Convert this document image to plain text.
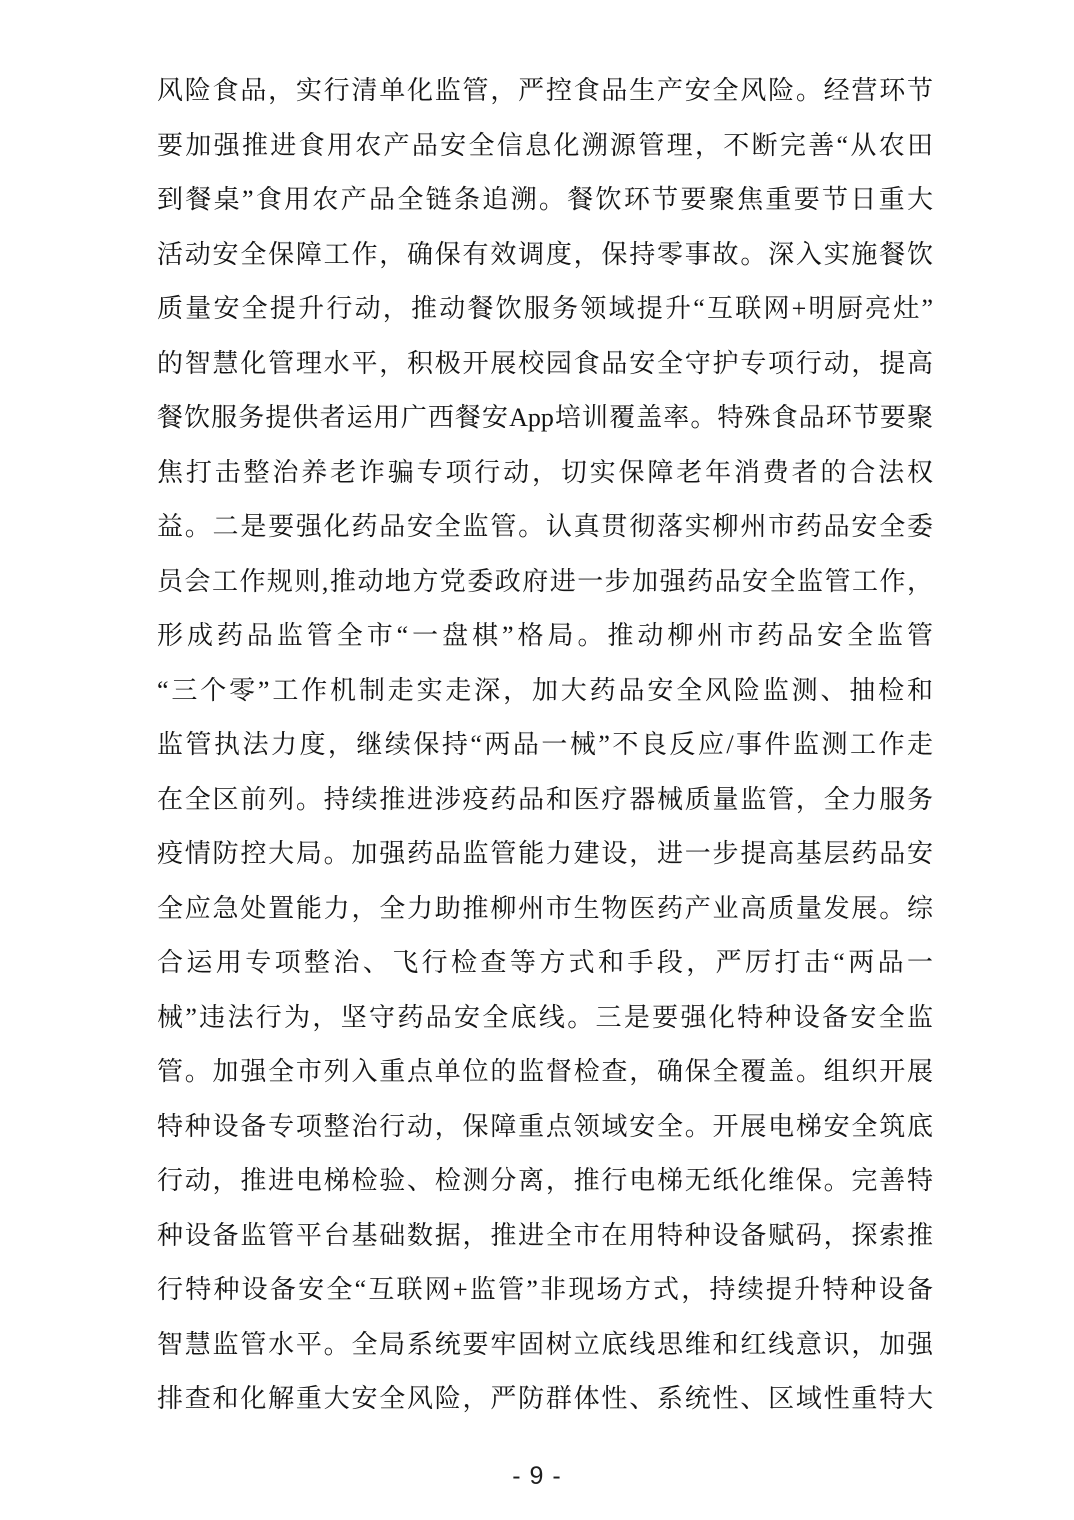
风险食品，实行清单化监管，严控食品生产安全风险。经营环节
要加强推进食用农产品安全信息化溯源管理，不断完善“从农田
到餐桌”食用农产品全链条追溯。餐饮环节要聚焦重要节日重大
活动安全保障工作，确保有效调度，保持零事故。深入实施餐饮
质量安全提升行动，推动餐饮服务领域提升“互联网+明厨亮灶”
的智慧化管理水平，积极开展校园食品安全守护专项行动，提高
餐饮服务提供者运用广西餐安App培训覆盖率。特殊食品环节要聚
焦打击整治养老诈骗专项行动，切实保障老年消费者的合法权
益。二是要强化药品安全监管。认真贯彻落实柳州市药品安全委
员会工作规则,推动地方党委政府进一步加强药品安全监管工作，
形成药品监管全市“一盘棋”格局。推动柳州市药品安全监管
“三个零”工作机制走实走深，加大药品安全风险监测、抽检和
监管执法力度，继续保持“两品一械”不良反应/事件监测工作走
在全区前列。持续推进涉疫药品和医疗器械质量监管，全力服务
疫情防控大局。加强药品监管能力建设，进一步提高基层药品安
全应急处置能力，全力助推柳州市生物医药产业高质量发展。综
合运用专项整治、飞行检查等方式和手段，严厉打击“两品一
械”违法行为，坚守药品安全底线。三是要强化特种设备安全监
管。加强全市列入重点单位的监督检查，确保全覆盖。组织开展
特种设备专项整治行动，保障重点领域安全。开展电梯安全筑底
行动，推进电梯检验、检测分离，推行电梯无纸化维保。完善特
种设备监管平台基础数据，推进全市在用特种设备赋码，探索推
行特种设备安全“互联网+监管”非现场方式，持续提升特种设备
智慧监管水平。全局系统要牢固树立底线思维和红线意识，加强
排查和化解重大安全风险，严防群体性、系统性、区域性重特大
- 9 -
